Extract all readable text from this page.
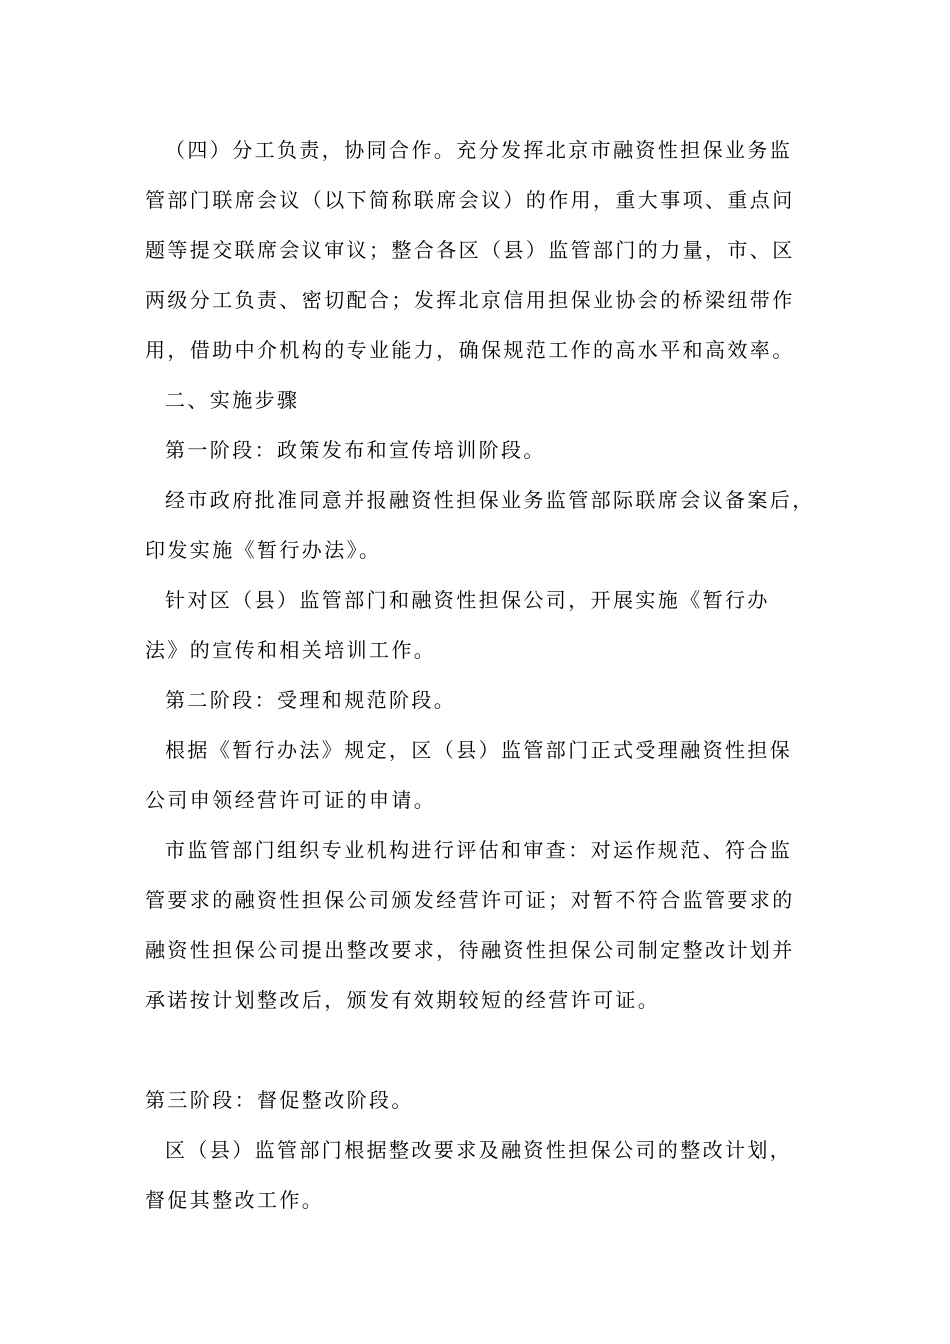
（四）分工负责，协同合作。充分发挥北京市融资性担保业务监
管部门联席会议（以下简称联席会议）的作用，重大事项、重点问
题等提交联席会议审议；整合各区（县）监管部门的力量，市、区
两级分工负责、密切配合；发挥北京信用担保业协会的桥梁纽带作
用，借助中介机构的专业能力，确保规范工作的高水平和高效率。
二、实施步骤
第一阶段：政策发布和宣传培训阶段。
经市政府批准同意并报融资性担保业务监管部际联席会议备案后，
印发实施《暂行办法》。
针对区（县）监管部门和融资性担保公司，开展实施《暂行办
法》的宣传和相关培训工作。
第二阶段：受理和规范阶段。
根据《暂行办法》规定，区（县）监管部门正式受理融资性担保
公司申领经营许可证的申请。
市监管部门组织专业机构进行评估和审查：对运作规范、符合监
管要求的融资性担保公司颁发经营许可证；对暂不符合监管要求的
融资性担保公司提出整改要求，待融资性担保公司制定整改计划并
承诺按计划整改后，颁发有效期较短的经营许可证。
第三阶段：督促整改阶段。
区（县）监管部门根据整改要求及融资性担保公司的整改计划，
督促其整改工作。
